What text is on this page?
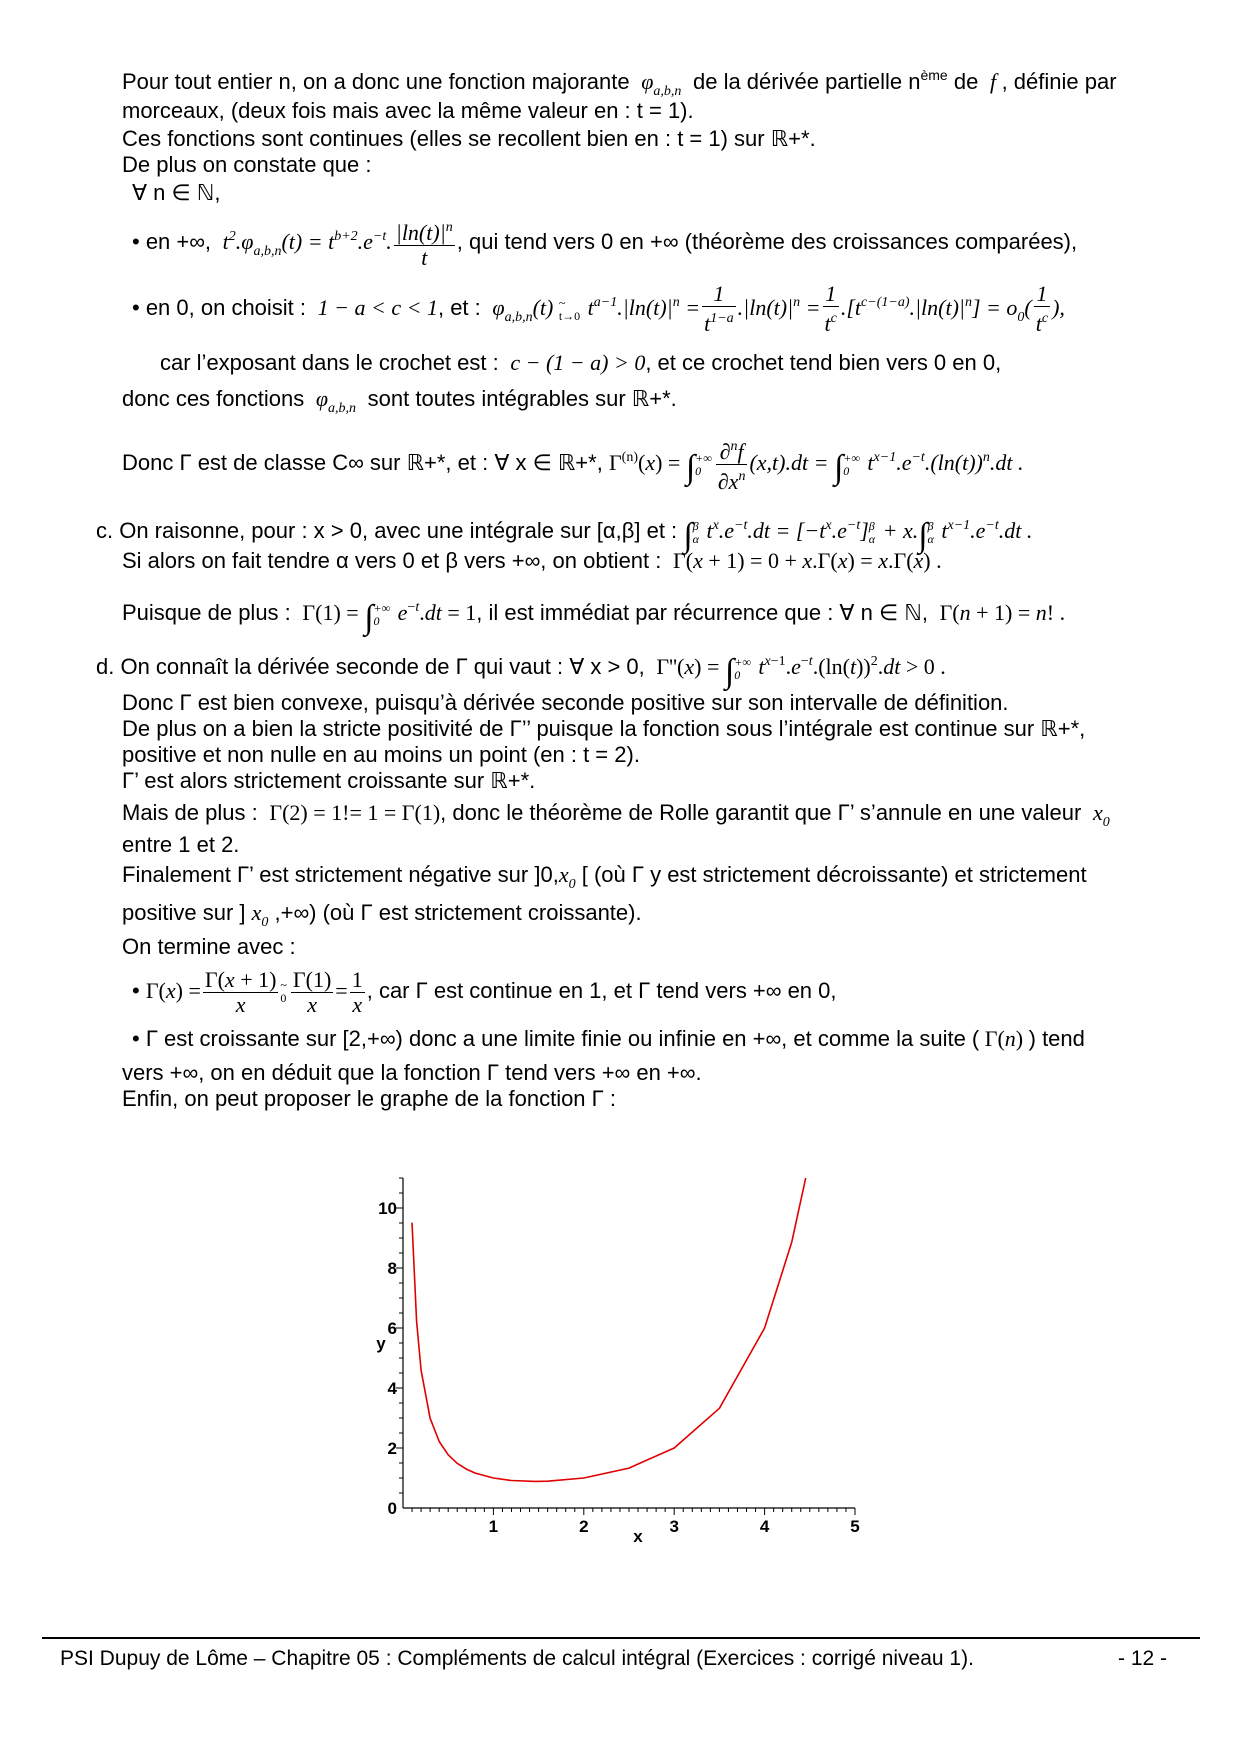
Pour tout entier n, on a donc une fonction majorante  $\varphi_{a,b,n}$ de la dérivée partielle $n^{ème}$ de  f , définie par
morceaux, (deux fois mais avec la même valeur en : t = 1).
Ces fonctions sont continues (elles se recollent bien en : t = 1) sur ℝ+*.
De plus on constate que :
∀ n ∈ ℕ,
• en +∞,  $t^2.\varphi_{a,b,n}(t) = t^{b+2}.e^{-t}$. $\frac{|\ln(t)|^n}{t}$ , qui tend vers 0 en +∞ (théorème des croissances comparées),
• en 0, on choisit :  1 − a < c < 1, et :  $\varphi_{a,b,n}(t)$ ~
t→0 $t^{a-1}.|\ln(t)|^n = \frac{1}{t^{1-a}} .|\ln(t)|^n = \frac{1}{t^c} .[t^{c-(1-a)}.|\ln(t)|^n] = o_0( \frac{1}{t^c}$ ),
car l’exposant dans le crochet est :  c − (1 − a) > 0, et ce crochet tend bien vers 0 en 0,
donc ces fonctions  $\varphi_{a,b,n}$ sont toutes intégrables sur ℝ+*.
Donc Γ est de classe C∞ sur ℝ+*, et : ∀ x ∈ ℝ+*, $\Gamma^{(n)}(x)$ = ∫ +∞
$0 \frac{\partial^nf}{\partial x^n} (x,t).dt$ = ∫ +∞
0 $t^{x-1}.e^{-t}.(\ln(t))^n.dt$ .
c. On raisonne, pour : x > 0, avec une intégrale sur [α,β] et : ∫ β
α $t^x.e^{-t}.dt = [-t^x.e^{-t}]$ β
α + x.∫ β
α $t^{x-1}.e^{-t}.dt$ .
Si alors on fait tendre α vers 0 et β vers +∞, on obtient :  Γ(x + 1) = 0 + x.Γ(x) = x.Γ(x) .
Puisque de plus :  Γ(1) = ∫ +∞
0 $e^{-t}.dt = 1$, il est immédiat par récurrence que : ∀ n ∈ ℕ,  Γ(n + 1) = n! .
d. On connaît la dérivée seconde de Γ qui vaut : ∀ x > 0,  Γ''(x) = ∫ +∞
0 $t^{x-1}.e^{-t}.(\ln(t))^2.dt > 0$ .
Donc Γ est bien convexe, puisqu’à dérivée seconde positive sur son intervalle de définition.
De plus on a bien la stricte positivité de Γ’’ puisque la fonction sous l’intégrale est continue sur ℝ+*,
positive et non nulle en au moins un point (en : t = 2).
Γ’ est alors strictement croissante sur ℝ+*.
Mais de plus :  Γ(2) = 1!= 1 = Γ(1), donc le théorème de Rolle garantit que Γ’ s’annule en une valeur  $x_0$
entre 1 et 2.
Finalement Γ’ est strictement négative sur ]$0,x_0$ [ (où Γ y est strictement décroissante) et strictement
positive sur ] $x_0$ ,+∞) (où Γ est strictement croissante).
On termine avec :
• $\Gamma(x) = \frac{\Gamma(x + 1)}{x}$ ~
$0 \frac{\Gamma(1)}{x} = \frac{1}{x}$ , car Γ est continue en 1, et Γ tend vers +∞ en 0,
• Γ est croissante sur [2,+∞) donc a une limite finie ou infinie en +∞, et comme la suite ( Γ(n) ) tend
vers +∞, on en déduit que la fonction Γ tend vers +∞ en +∞.
Enfin, on peut proposer le graphe de la fonction Γ :
1	2	3	4	5
0
2
4
6
8
10
x
y
PSI Dupuy de Lôme – Chapitre 05 : Compléments de calcul intégral (Exercices : corrigé niveau 1).	- 12 -
